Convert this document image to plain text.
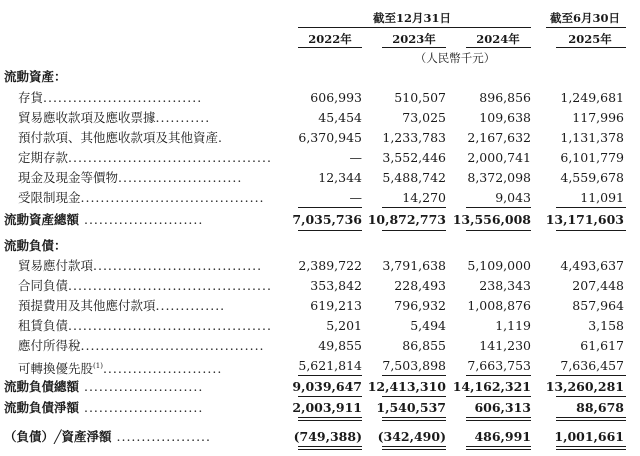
截至12月31日	截至6月30日
2022年	2023年	2024年	2025年
（人民幣千元）
流動資產：
存貨................................	606,993	510,507	896,856 1,249,681
貿易應收款項及應收票據...........	45,454	73,025	109,638	117,996
預付款項、其他應收款項及其他資產.	6,370,945 1,233,783 2,167,632 1,131,378
定期存款.........................................	— 3,552,446 2,000,741 6,101,779
現金及現金等價物.........................	12,344 5,488,742 8,372,098 4,559,678
受限制現金.....................................	—	14,270	9,043	11,091
流動資產總額 ........................	7,035,736 10,872,773 13,556,008 13,171,603
流動負債：
貿易應付款項..................................	2,389,722 3,791,638 5,109,000 4,493,637
合同負債.........................................	353,842	228,493	238,343	207,448
預提費用及其他應付款項..............	619,213	796,932 1,008,876	857,964
租賃負債.........................................	5,201	5,494	1,119	3,158
應付所得稅.....................................	49,855	86,855	141,230	61,617
可轉換優先股$^{(1)}$........................	5,621,814 7,503,898 7,663,753 7,636,457
流動負債總額 ........................	9,039,647 12,413,310 14,162,321 13,260,281
流動負債淨額 ........................	2,003,911 1,540,537 606,313	88,678
（負債）╱資產淨額 ...................	(749,388) (342,490) 486,991 1,001,661
